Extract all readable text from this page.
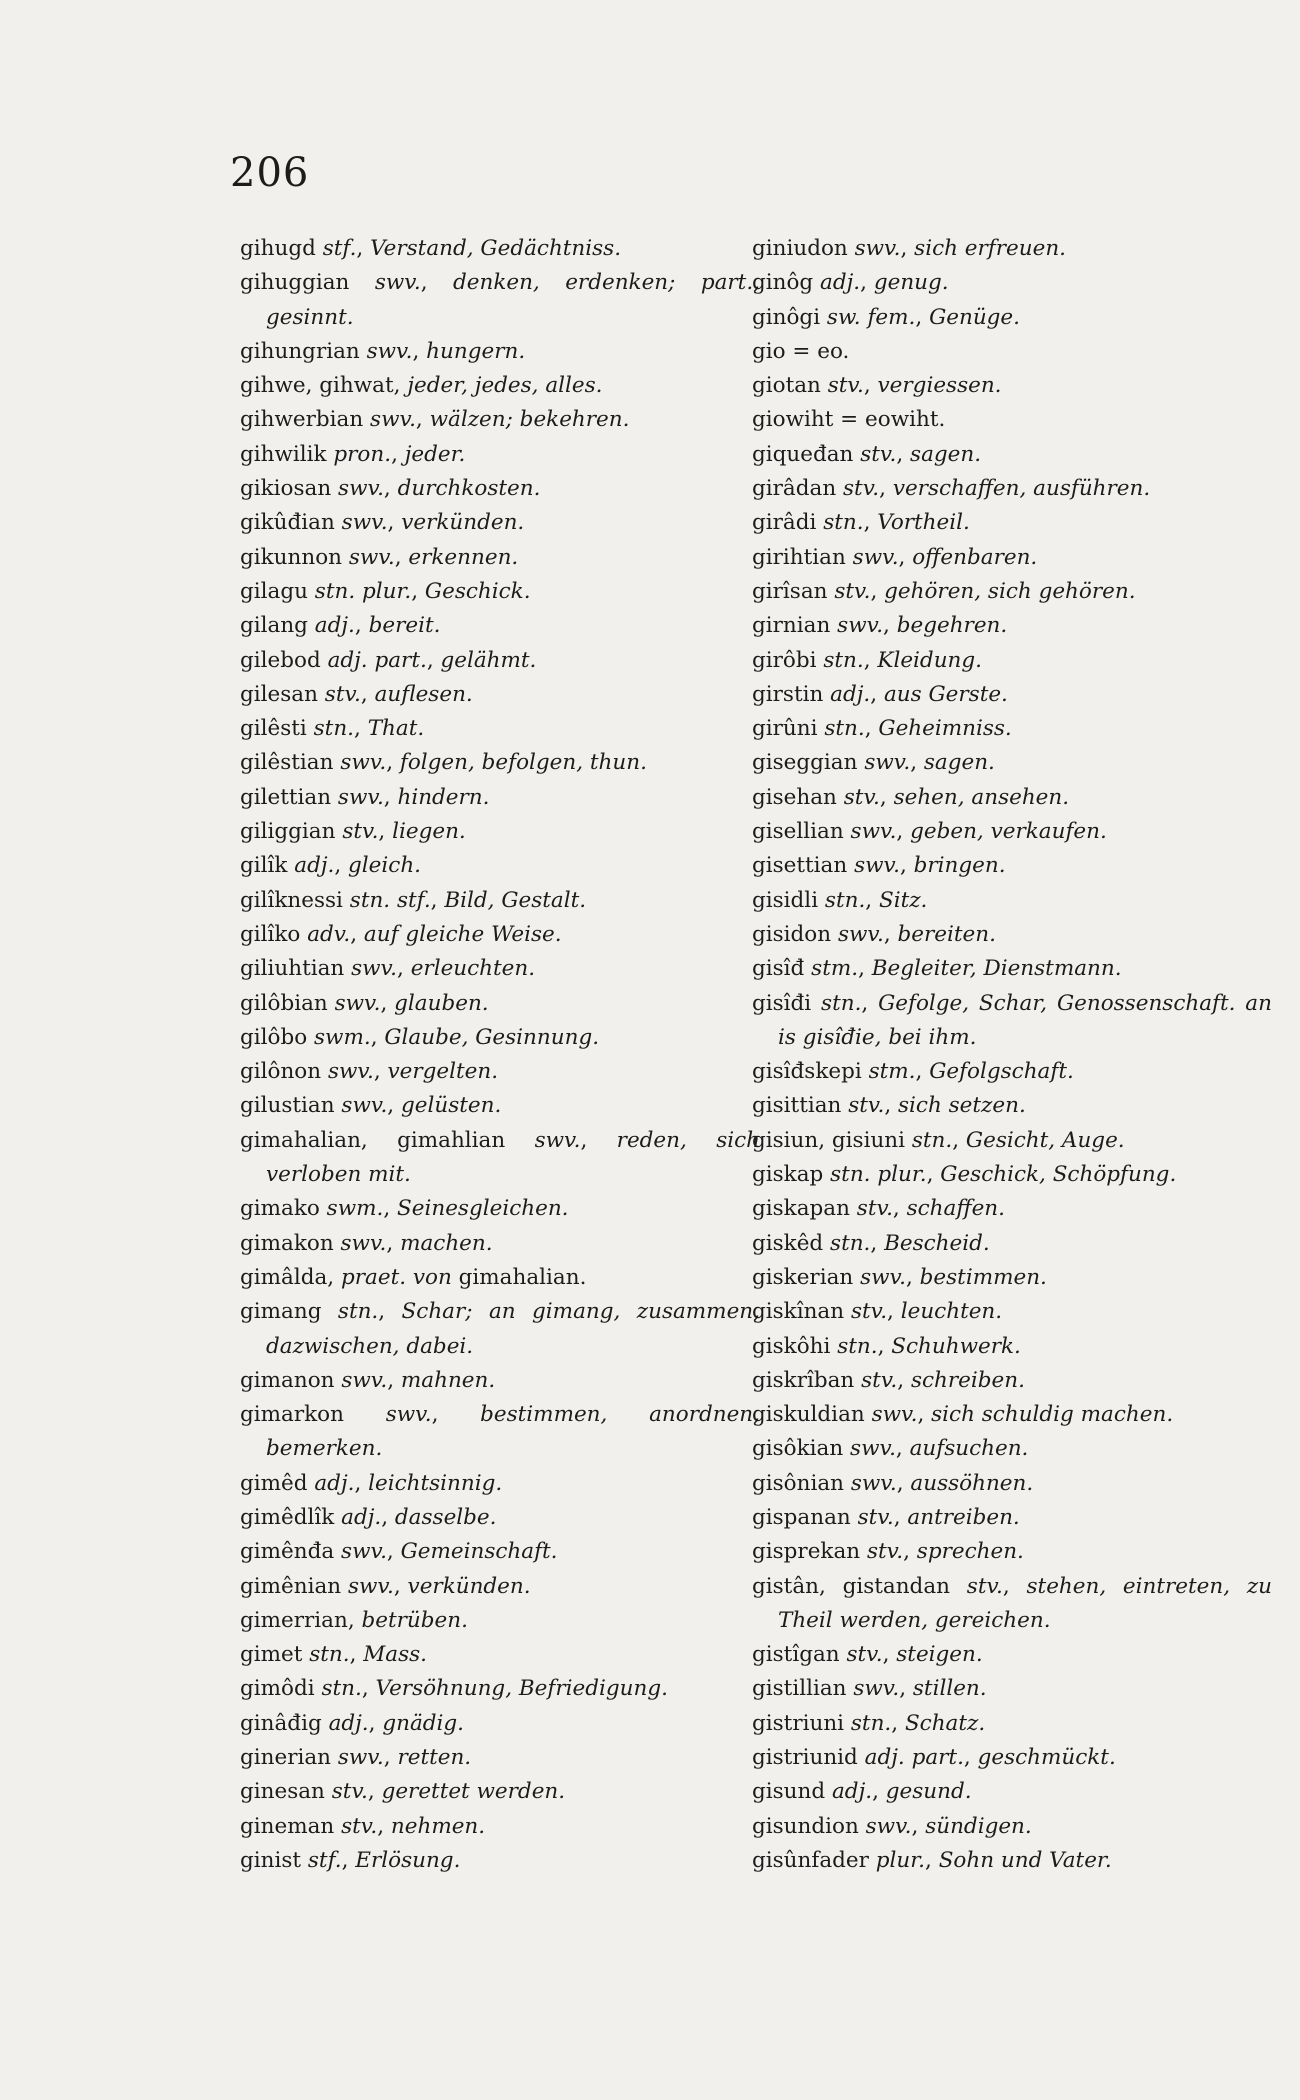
206
gihugd stf., Verstand, Gedächtniss.
gihuggian swv., denken, erdenken; part., gesinnt.
gihungrian swv., hungern.
gihwe, gihwat, jeder, jedes, alles.
gihwerbian swv., wälzen; bekehren.
gihwilik pron., jeder.
gikiosan swv., durchkosten.
gikûđian swv., verkünden.
gikunnon swv., erkennen.
gilagu stn. plur., Geschick.
gilang adj., bereit.
gilebod adj. part., gelähmt.
gilesan stv., auflesen.
gilêsti stn., That.
gilêstian swv., folgen, befolgen, thun.
gilettian swv., hindern.
giliggian stv., liegen.
gilîk adj., gleich.
gilîknessi stn. stf., Bild, Gestalt.
gilîko adv., auf gleiche Weise.
giliuhtian swv., erleuchten.
gilôbian swv., glauben.
gilôbo swm., Glaube, Gesinnung.
gilônon swv., vergelten.
gilustian swv., gelüsten.
gimahalian, gimahlian swv., reden, sich verloben mit.
gimako swm., Seinesgleichen.
gimakon swv., machen.
gimâlda, praet. von gimahalian.
gimang stn., Schar; an gimang, zusammen, dazwischen, dabei.
gimanon swv., mahnen.
gimarkon swv., bestimmen, anordnen, bemerken.
gimêd adj., leichtsinnig.
gimêdlîk adj., dasselbe.
gimênđa swv., Gemeinschaft.
gimênian swv., verkünden.
gimerrian, betrüben.
gimet stn., Mass.
gimôdi stn., Versöhnung, Befriedigung.
ginâđig adj., gnädig.
ginerian swv., retten.
ginesan stv., gerettet werden.
gineman stv., nehmen.
ginist stf., Erlösung.
giniudon swv., sich erfreuen.
ginôg adj., genug.
ginôgi sw. fem., Genüge.
gio = eo.
giotan stv., vergiessen.
giowiht = eowiht.
giqueđan stv., sagen.
girâdan stv., verschaffen, ausführen.
girâdi stn., Vortheil.
girihtian swv., offenbaren.
girîsan stv., gehören, sich gehören.
girnian swv., begehren.
girôbi stn., Kleidung.
girstin adj., aus Gerste.
girûni stn., Geheimniss.
giseggian swv., sagen.
gisehan stv., sehen, ansehen.
gisellian swv., geben, verkaufen.
gisettian swv., bringen.
gisidli stn., Sitz.
gisidon swv., bereiten.
gisîđ stm., Begleiter, Dienstmann.
gisîđi stn., Gefolge, Schar, Genossenschaft. an is gisîđie, bei ihm.
gisîđskepi stm., Gefolgschaft.
gisittian stv., sich setzen.
gisiun, gisiuni stn., Gesicht, Auge.
giskap stn. plur., Geschick, Schöpfung.
giskapan stv., schaffen.
giskêd stn., Bescheid.
giskerian swv., bestimmen.
giskînan stv., leuchten.
giskôhi stn., Schuhwerk.
giskrîban stv., schreiben.
giskuldian swv., sich schuldig machen.
gisôkian swv., aufsuchen.
gisônian swv., aussöhnen.
gispanan stv., antreiben.
gisprekan stv., sprechen.
gistân, gistandan stv., stehen, eintreten, zu Theil werden, gereichen.
gistîgan stv., steigen.
gistillian swv., stillen.
gistriuni stn., Schatz.
gistriunid adj. part., geschmückt.
gisund adj., gesund.
gisundion swv., sündigen.
gisûnfader plur., Sohn und Vater.
